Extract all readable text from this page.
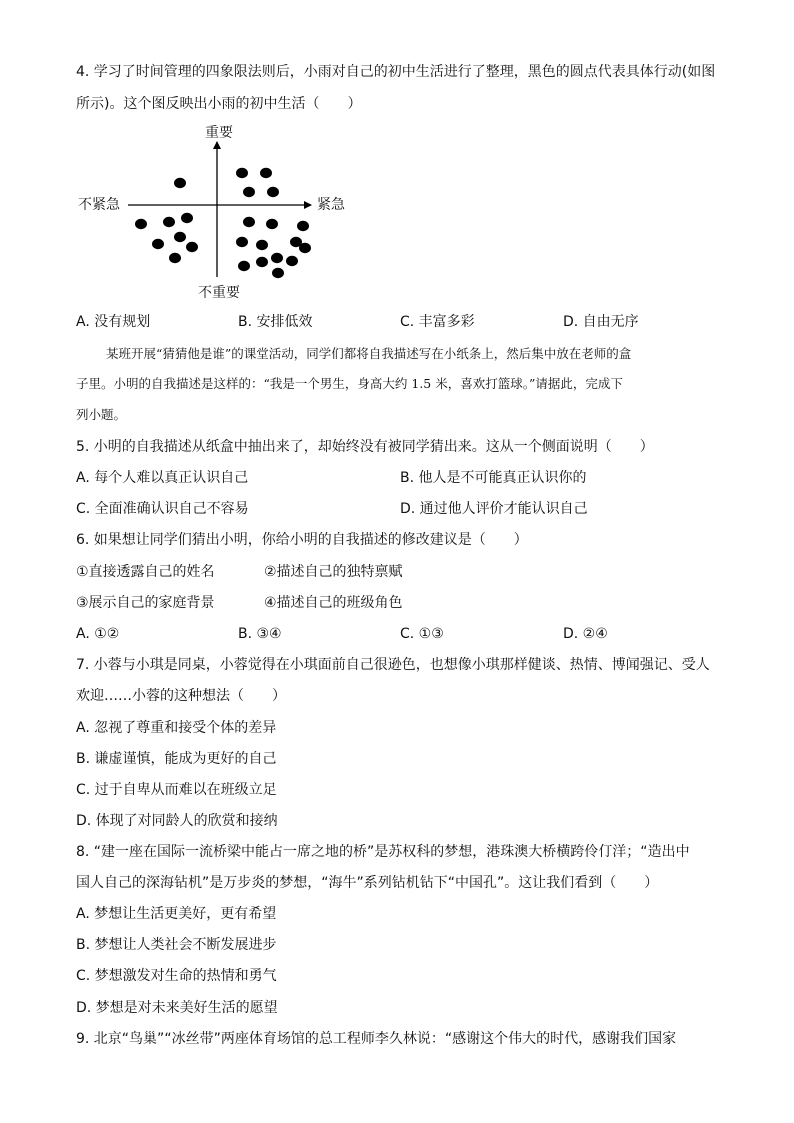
4. 学习了时间管理的四象限法则后，小雨对自己的初中生活进行了整理，黑色的圆点代表具体行动(如图
所示)。这个图反映出小雨的初中生活（　　）
重要
不重要
不紧急	紧急
A. 没有规划	B. 安排低效	C. 丰富多彩	D. 自由无序
某班开展“猜猜他是谁”的课堂活动，同学们都将自我描述写在小纸条上，然后集中放在老师的盒
子里。小明的自我描述是这样的：“我是一个男生，身高大约 1.5 米，喜欢打篮球。”请据此，完成下
列小题。
5. 小明的自我描述从纸盒中抽出来了，却始终没有被同学猜出来。这从一个侧面说明（　　）
A. 每个人难以真正认识自己	B. 他人是不可能真正认识你的
C. 全面准确认识自己不容易	D. 通过他人评价才能认识自己
6. 如果想让同学们猜出小明，你给小明的自我描述的修改建议是（　　）
①直接透露自己的姓名	②描述自己的独特禀赋
③展示自己的家庭背景	④描述自己的班级角色
A. ①②	B. ③④	C. ①③	D. ②④
7. 小蓉与小琪是同桌，小蓉觉得在小琪面前自己很逊色，也想像小琪那样健谈、热情、博闻强记、受人
欢迎……小蓉的这种想法（　　）
A. 忽视了尊重和接受个体的差异
B. 谦虚谨慎，能成为更好的自己
C. 过于自卑从而难以在班级立足
D. 体现了对同龄人的欣赏和接纳
8. “建一座在国际一流桥梁中能占一席之地的桥”是苏权科的梦想，港珠澳大桥横跨伶仃洋；“造出中
国人自己的深海钻机”是万步炎的梦想，“海牛”系列钻机钻下“中国孔”。这让我们看到（　　）
A. 梦想让生活更美好，更有希望
B. 梦想让人类社会不断发展进步
C. 梦想激发对生命的热情和勇气
D. 梦想是对未来美好生活的愿望
9. 北京“鸟巢”“冰丝带”两座体育场馆的总工程师李久林说：“感谢这个伟大的时代，感谢我们国家
